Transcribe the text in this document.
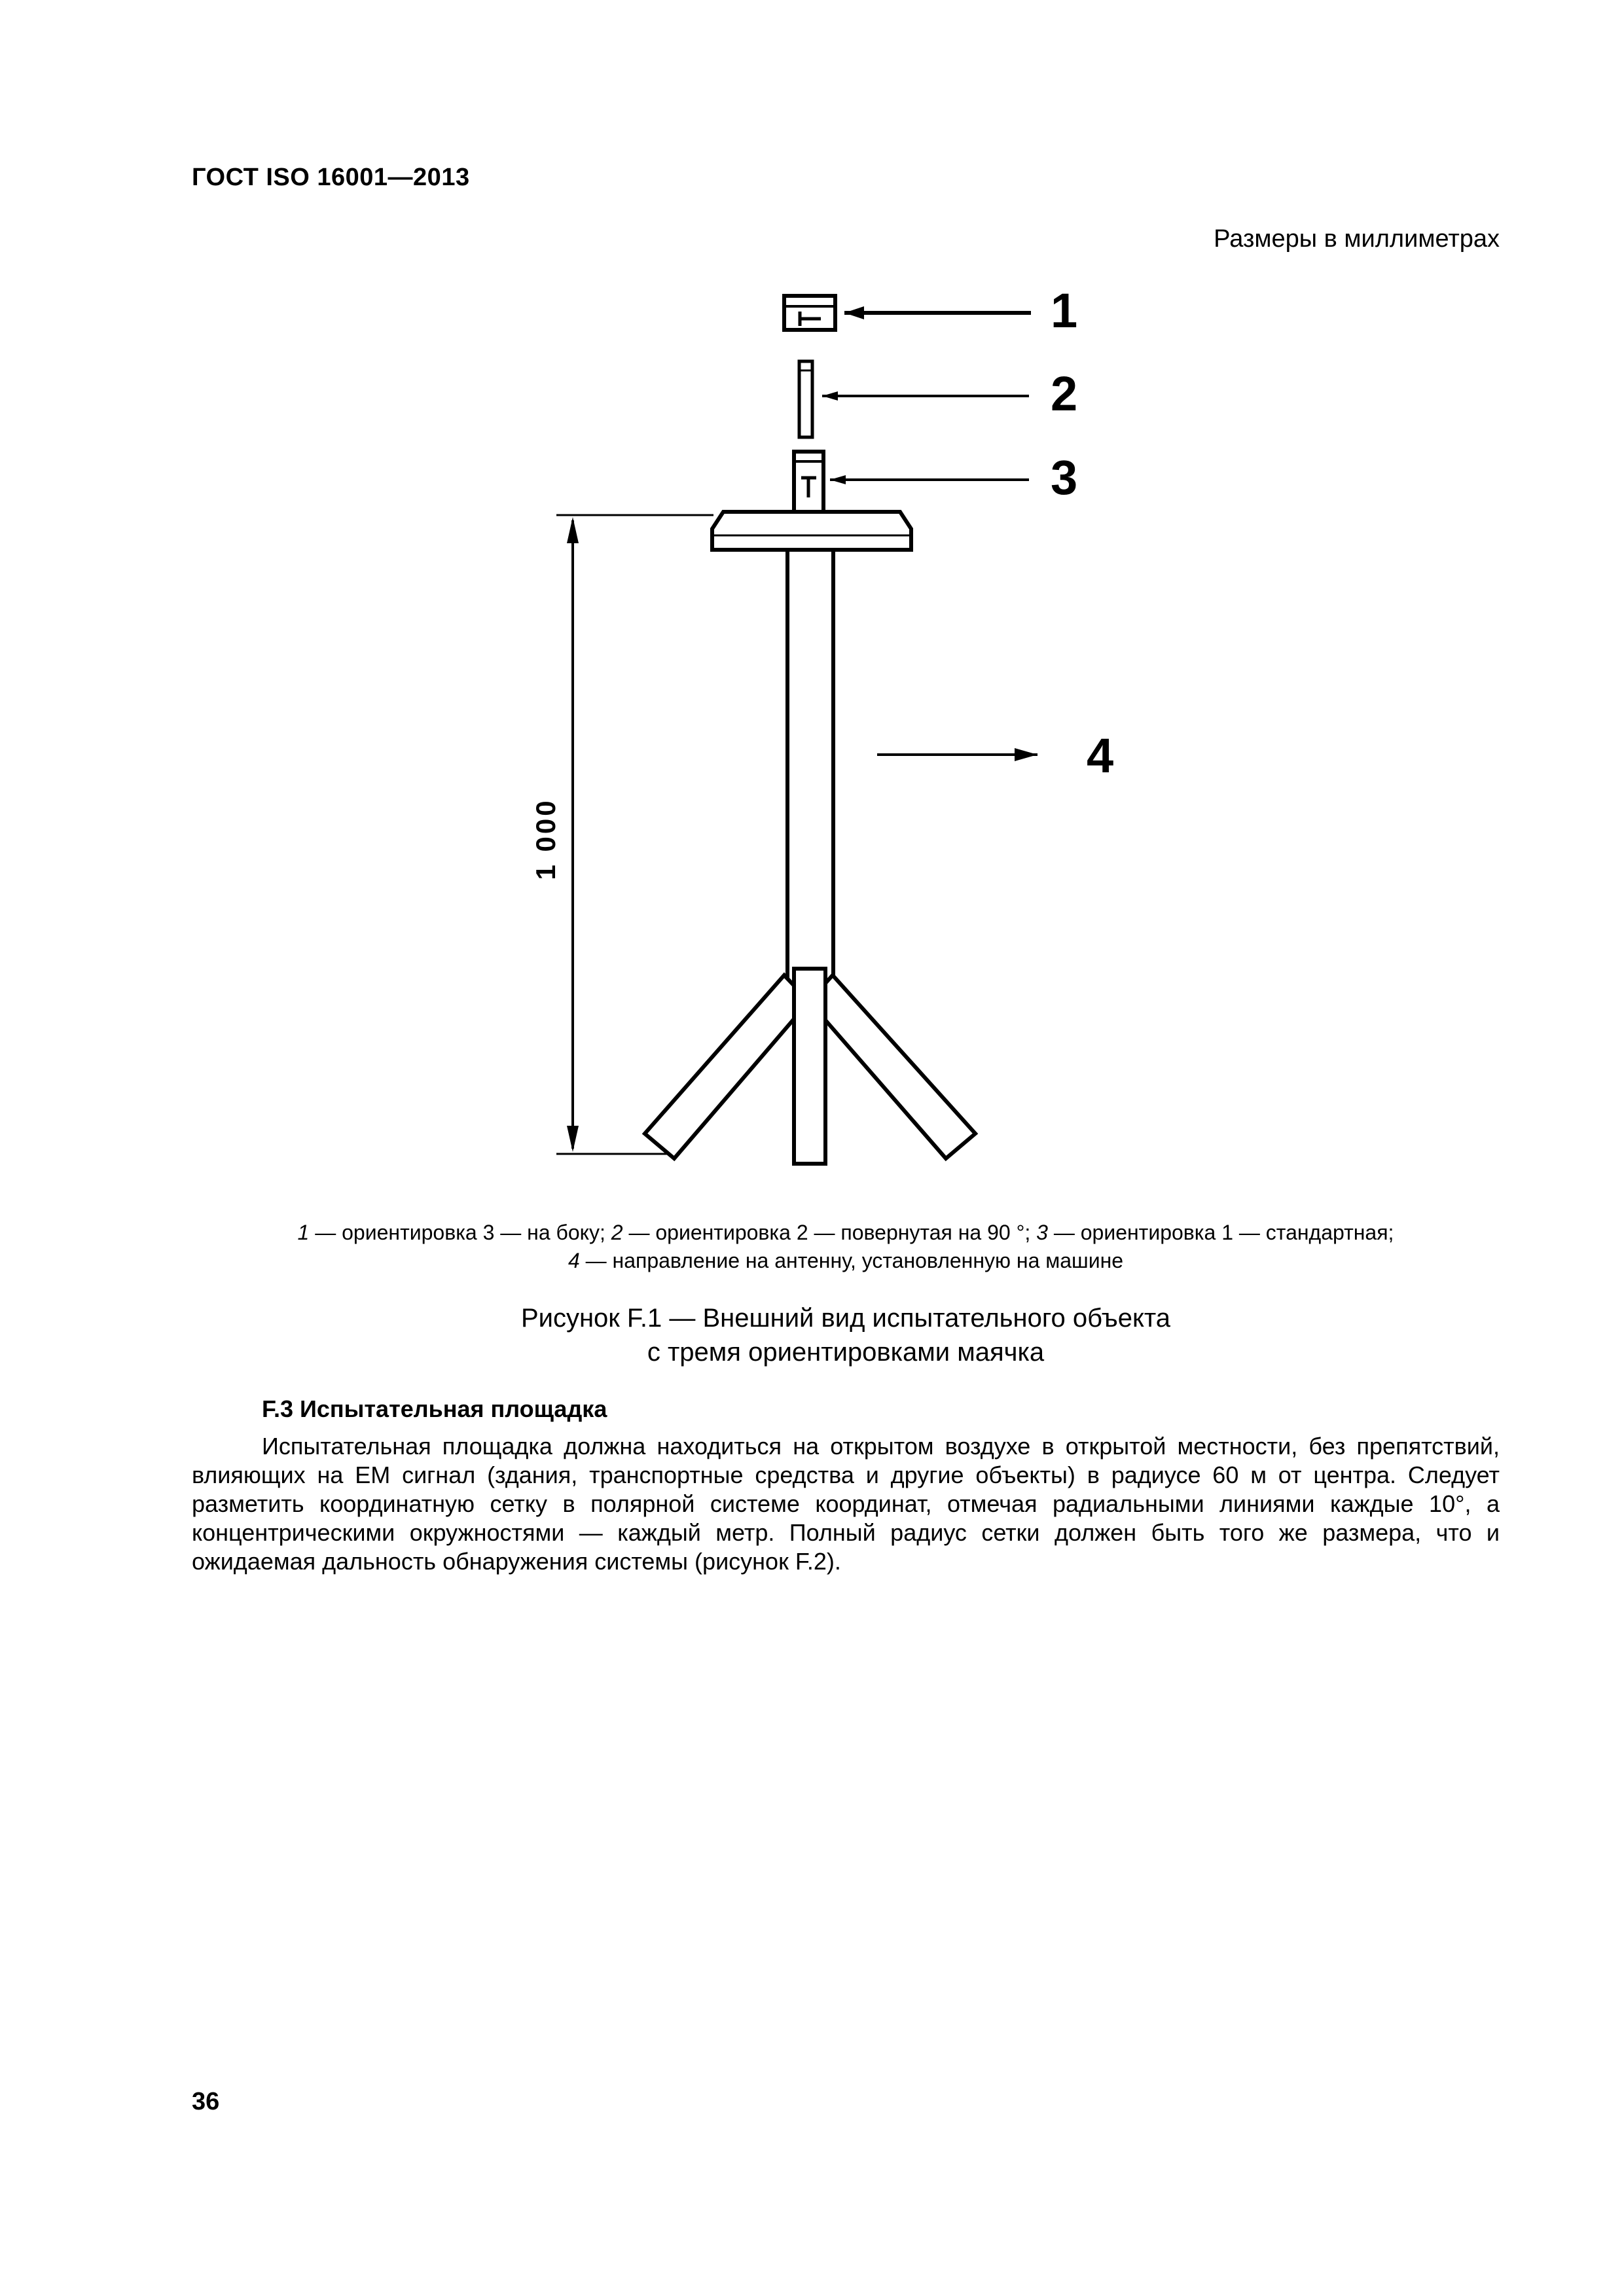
ГОСТ ISO 16001—2013
Размеры в миллиметрах
1
2
3
4
1 000
1 — ориентировка 3 — на боку; 2 — ориентировка 2 — повернутая на 90 °; 3 — ориентировка 1 — стандартная;
4 — направление на антенну, установленную на машине
Рисунок F.1 — Внешний вид испытательного объекта
с тремя ориентировками маячка
F.3 Испытательная площадка

Испытательная площадка должна находиться на открытом воздухе в открытой местности, без препятствий, влияющих на ЕМ сигнал (здания, транспортные средства и другие объекты) в радиусе 60 м от центра. Следует разметить координатную сетку в полярной системе координат, отмечая радиальными линиями каждые 10°, а концентрическими окружностями — каждый метр. Полный радиус сетки должен быть того же размера, что и ожидаемая дальность обнаружения системы (рисунок F.2).

36
